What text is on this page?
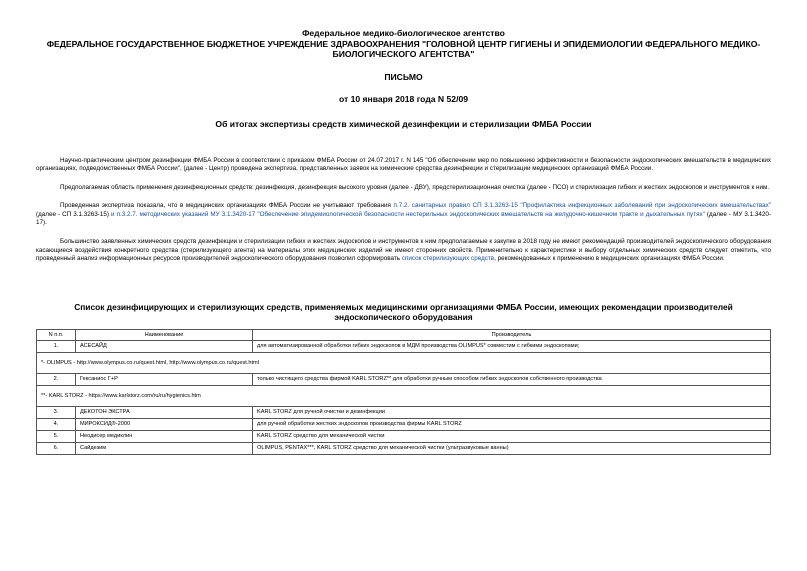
Федеральное медико-биологическое агентство
ФЕДЕРАЛЬНОЕ ГОСУДАРСТВЕННОЕ БЮДЖЕТНОЕ УЧРЕЖДЕНИЕ ЗДРАВООХРАНЕНИЯ "ГОЛОВНОЙ ЦЕНТР ГИГИЕНЫ И ЭПИДЕМИОЛОГИИ ФЕДЕРАЛЬНОГО МЕДИКО-БИОЛОГИЧЕСКОГО АГЕНТСТВА"
ПИСЬМО
от 10 января 2018 года N 52/09
Об итогах экспертизы средств химической дезинфекции и стерилизации ФМБА России

Научно-практическим центром дезинфекции ФМБА России в соответствии с приказом ФМБА России от 24.07.2017 г. N 145 "Об обеспечении мер по повышению эффективности и безопасности эндоскопических вмешательств в медицинских организациях, подведомственных ФМБА России", (далее - Центр) проведена экспертиза, представленных заявок на химические средства дезинфекции и стерилизации медицинских организаций ФМБА России.

Предполагаемая область применения дезинфекционных средств: дезинфекция, дезинфекция высокого уровня (далее - ДВУ), предстерилизационная очистка (далее - ПСО) и стерилизация гибких и жестких эндоскопов и инструментов к ним.

Проведенная экспертиза показала, что в медицинских организациях ФМБА России не учитывают требования п.7.2. санитарных правил СП 3.1.3263-15 "Профилактика инфекционных заболеваний при эндоскопических вмешательствах" (далее - СП 3.1.3263-15) и п.3.2.7. методических указаний МУ 3.1.3420-17 "Обеспечение эпидемиологической безопасности нестерильных эндоскопических вмешательств на желудочно-кишечном тракте и дыхательных путях" (далее - МУ 3.1.3420-17).

Большинство заявленных химических средств дезинфекции и стерилизации гибких и жестких эндоскопов и инструментов к ним предполагаемые к закупке в 2018 году не имеют рекомендаций производителей эндоскопического оборудования касающиеся воздействия конкретного средства (стерилизующего агента) на материалы этих медицинских изделий не имеют сторонних свойств. Применительно к характеристике и выбору отдельных химических средств следует отметить, что проведенный анализ информационных ресурсов производителей эндоскопического оборудования позволил сформировать список стерилизующих средств, рекомендованных к применению в медицинских организациях ФМБА России.

Список дезинфицирующих и стерилизующих средств, применяемых медицинскими организациями ФМБА России, имеющих рекомендации производителей эндоскопического оборудования
N п.п.	Наименование	Производитель
1.	АСЕСАЙД	для автоматизированной обработки гибких эндоскопов в МДМ производства OLIMPUS* совместим с гибкими эндоскопами;
*- OLIMPUS - http://www.olympus.co.ru/quest.html, http://www.olympus.co.ru/quest.html		
2.	Гексаниос Г+Р	только чистящего средства фирмой KARL STORZ** для обработки ручным способом гибких эндоскопов собственного производства
**- KARL STORZ - https://www.karlstorz.com/ru/ru/hygienics.htm		
3.	ДЕКОТОН ЭКСТРА	KARL STORZ для ручной очистки и дезинфекции
4.	МИРОКСИД®-2000	для ручной обработки жестких эндоскопов производства фирмы KARL STORZ
5.	Неодисер медиклин	KARL STORZ средство для механической чистки
6.	Сайдезим	OLIMPUS, PENTAX***, KARL STORZ средство для механической чистки (ультразвуковые ванны)
